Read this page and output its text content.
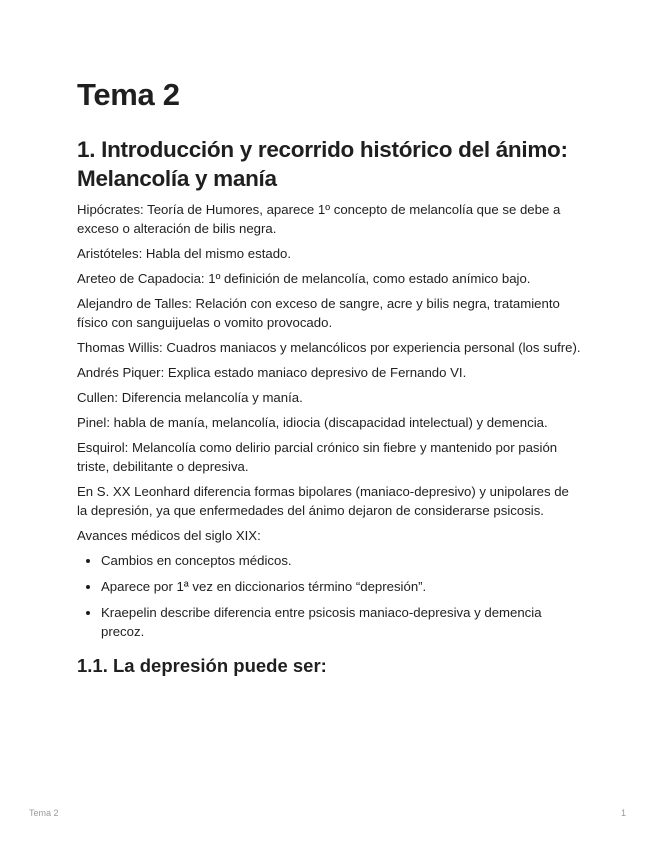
Tema 2
1. Introducción y recorrido histórico del ánimo: Melancolía y manía

Hipócrates: Teoría de Humores, aparece 1º concepto de melancolía que se debe a exceso o alteración de bilis negra.

Aristóteles: Habla del mismo estado.

Areteo de Capadocia: 1º definición de melancolía, como estado anímico bajo.

Alejandro de Talles: Relación con exceso de sangre, acre y bilis negra, tratamiento físico con sanguijuelas o vomito provocado.

Thomas Willis: Cuadros maniacos y melancólicos por experiencia personal (los sufre).

Andrés Piquer: Explica estado maniaco depresivo de Fernando VI.

Cullen: Diferencia melancolía y manía.

Pinel: habla de manía, melancolía, idiocia (discapacidad intelectual) y demencia.

Esquirol: Melancolía como delirio parcial crónico sin fiebre y mantenido por pasión triste, debilitante o depresiva.

En S. XX Leonhard diferencia formas bipolares (maniaco-depresivo) y unipolares de la depresión, ya que enfermedades del ánimo dejaron de considerarse psicosis.

Avances médicos del siglo XIX:

• Cambios en conceptos médicos.
• Aparece por 1ª vez en diccionarios término “depresión”.
• Kraepelin describe diferencia entre psicosis maniaco-depresiva y demencia precoz.
1.1. La depresión puede ser:
Tema 2	1
